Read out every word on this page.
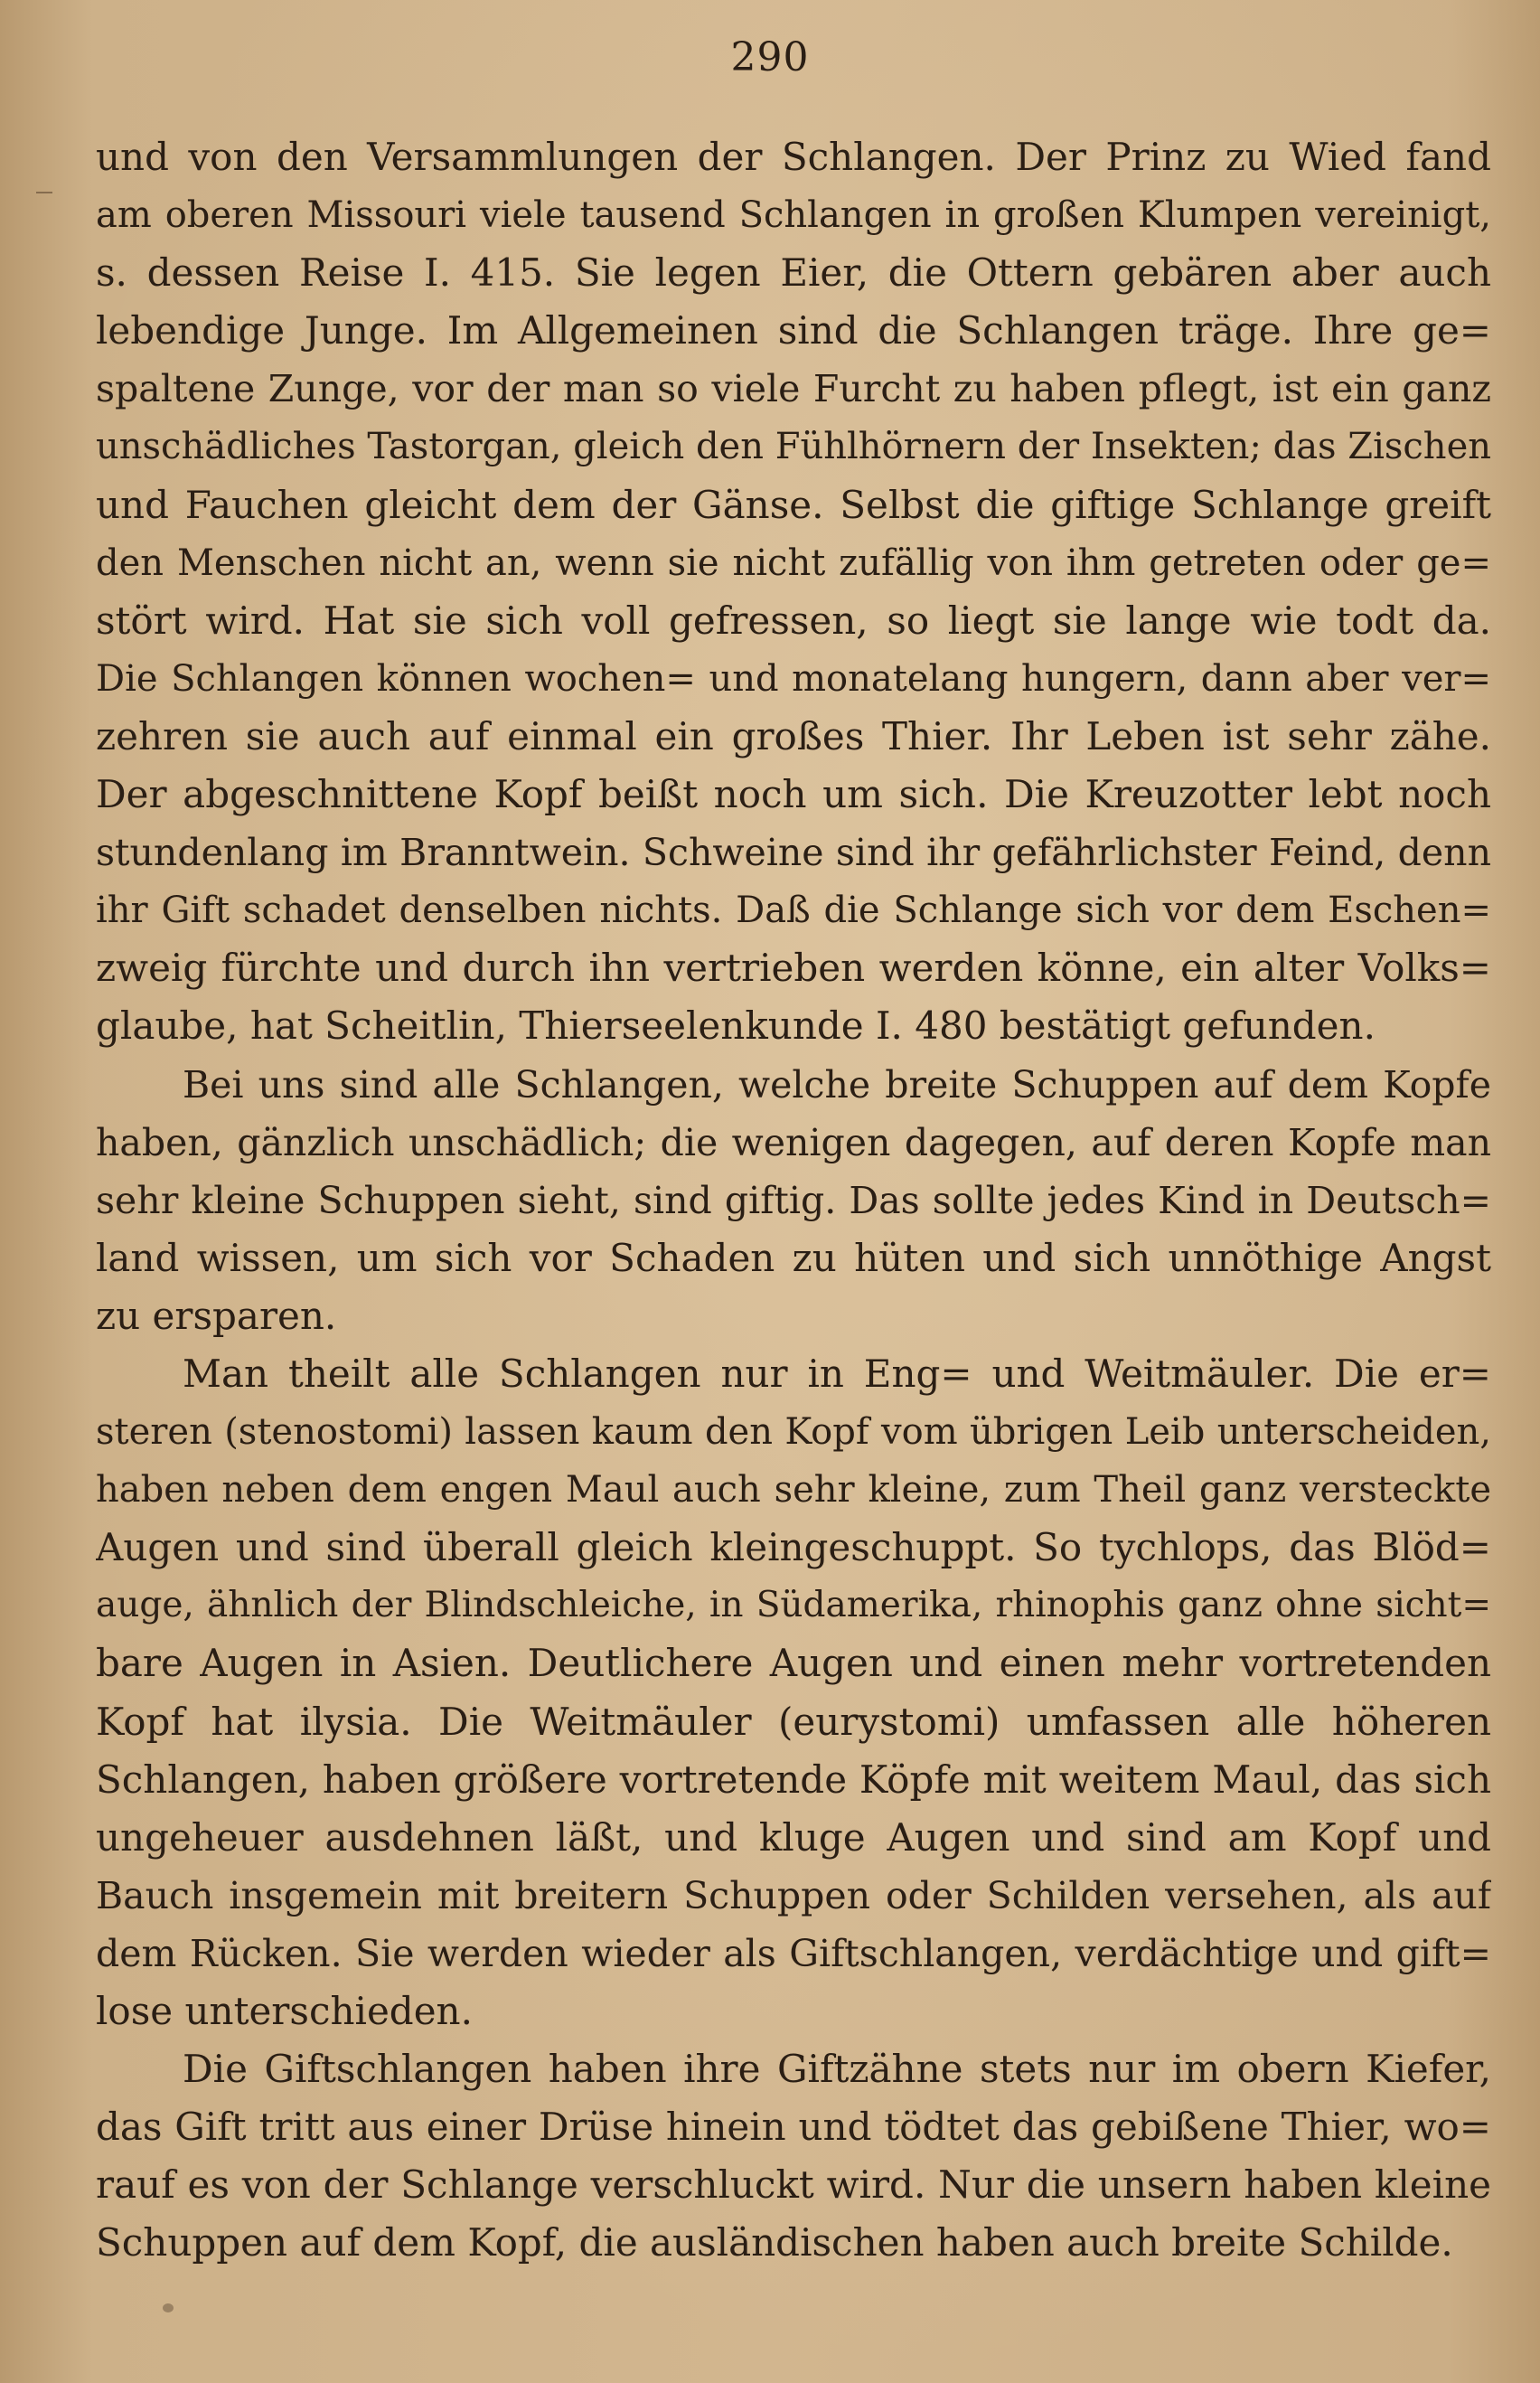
290
und von den Versammlungen der Schlangen. Der Prinz zu Wied fand
am oberen Missouri viele tausend Schlangen in großen Klumpen vereinigt,
s. dessen Reise I. 415. Sie legen Eier, die Ottern gebären aber auch
lebendige Junge. Im Allgemeinen sind die Schlangen träge. Ihre ge=
spaltene Zunge, vor der man so viele Furcht zu haben pflegt, ist ein ganz
unschädliches Tastorgan, gleich den Fühlhörnern der Insekten; das Zischen
und Fauchen gleicht dem der Gänse. Selbst die giftige Schlange greift
den Menschen nicht an, wenn sie nicht zufällig von ihm getreten oder ge=
stört wird. Hat sie sich voll gefressen, so liegt sie lange wie todt da.
Die Schlangen können wochen= und monatelang hungern, dann aber ver=
zehren sie auch auf einmal ein großes Thier. Ihr Leben ist sehr zähe.
Der abgeschnittene Kopf beißt noch um sich. Die Kreuzotter lebt noch
stundenlang im Branntwein. Schweine sind ihr gefährlichster Feind, denn
ihr Gift schadet denselben nichts. Daß die Schlange sich vor dem Eschen=
zweig fürchte und durch ihn vertrieben werden könne, ein alter Volks=
glaube, hat Scheitlin, Thierseelenkunde I. 480 bestätigt gefunden.
Bei uns sind alle Schlangen, welche breite Schuppen auf dem Kopfe
haben, gänzlich unschädlich; die wenigen dagegen, auf deren Kopfe man
sehr kleine Schuppen sieht, sind giftig. Das sollte jedes Kind in Deutsch=
land wissen, um sich vor Schaden zu hüten und sich unnöthige Angst
zu ersparen.
Man theilt alle Schlangen nur in Eng= und Weitmäuler. Die er=
steren (stenostomi) lassen kaum den Kopf vom übrigen Leib unterscheiden,
haben neben dem engen Maul auch sehr kleine, zum Theil ganz versteckte
Augen und sind überall gleich kleingeschuppt. So tychlops, das Blöd=
auge, ähnlich der Blindschleiche, in Südamerika, rhinophis ganz ohne sicht=
bare Augen in Asien. Deutlichere Augen und einen mehr vortretenden
Kopf hat ilysia. Die Weitmäuler (eurystomi) umfassen alle höheren
Schlangen, haben größere vortretende Köpfe mit weitem Maul, das sich
ungeheuer ausdehnen läßt, und kluge Augen und sind am Kopf und
Bauch insgemein mit breitern Schuppen oder Schilden versehen, als auf
dem Rücken. Sie werden wieder als Giftschlangen, verdächtige und gift=
lose unterschieden.
Die Giftschlangen haben ihre Giftzähne stets nur im obern Kiefer,
das Gift tritt aus einer Drüse hinein und tödtet das gebißene Thier, wo=
rauf es von der Schlange verschluckt wird. Nur die unsern haben kleine
Schuppen auf dem Kopf, die ausländischen haben auch breite Schilde.
